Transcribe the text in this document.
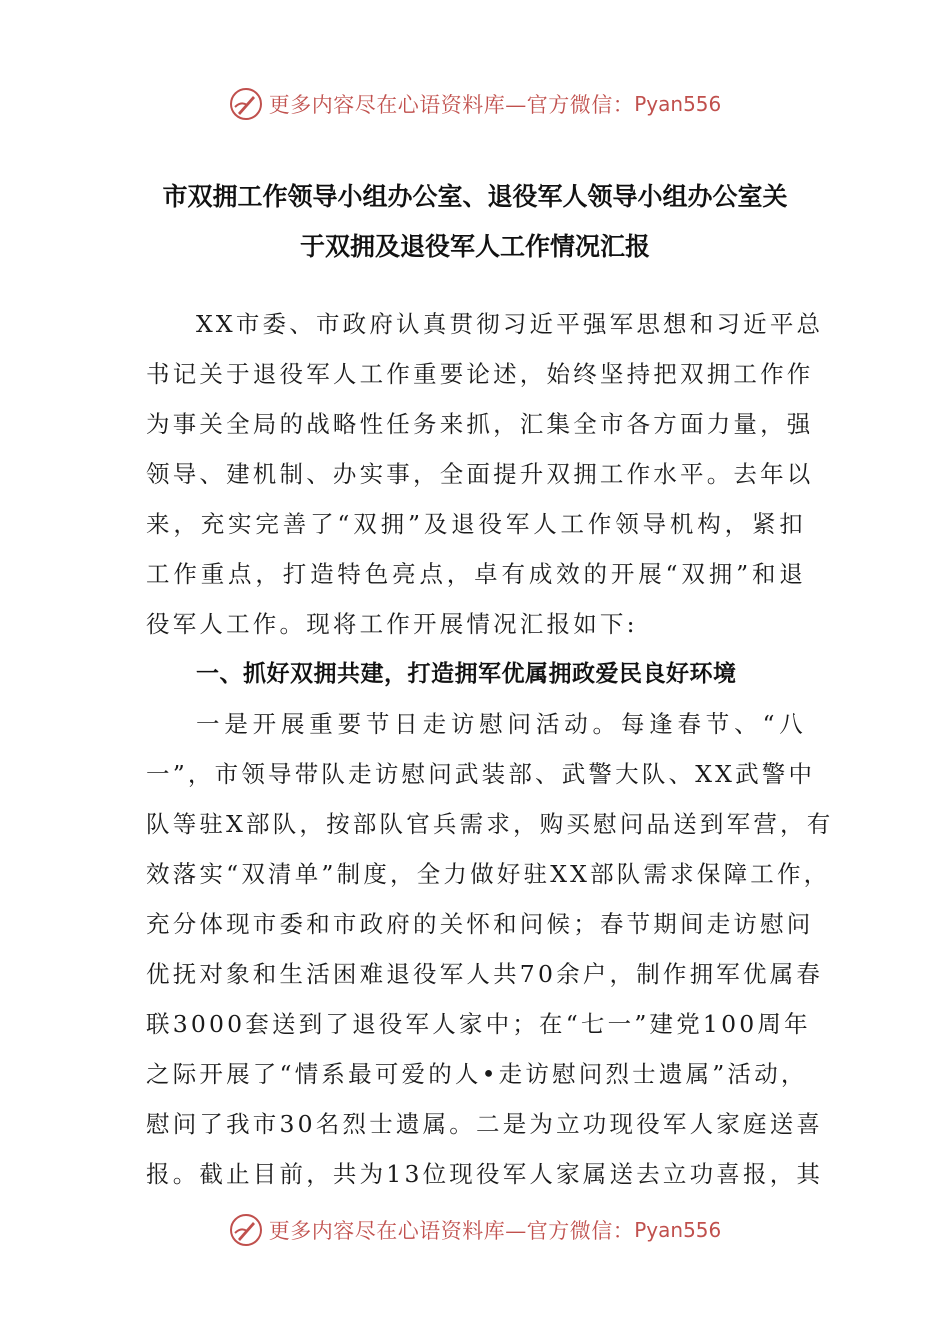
更多内容尽在心语资料库—官方微信： Pyan556
市双拥工作领导小组办公室、退役军人领导小组办公室关
于双拥及退役军人工作情况汇报
XX市委、市政府认真贯彻习近平强军思想和习近平总
书记关于退役军人工作重要论述，始终坚持把双拥工作作
为事关全局的战略性任务来抓，汇集全市各方面力量，强
领导、建机制、办实事，全面提升双拥工作水平。去年以
来，充实完善了“双拥”及退役军人工作领导机构，紧扣
工作重点，打造特色亮点，卓有成效的开展“双拥”和退
役军人工作。现将工作开展情况汇报如下:
一、抓好双拥共建，打造拥军优属拥政爱民良好环境
一是开展重要节日走访慰问活动。每逢春节、“八
一”，市领导带队走访慰问武装部、武警大队、XX武警中
队等驻X部队，按部队官兵需求，购买慰问品送到军营，有
效落实“双清单”制度，全力做好驻XX部队需求保障工作，
充分体现市委和市政府的关怀和问候；春节期间走访慰问
优抚对象和生活困难退役军人共70余户，制作拥军优属春
联3000套送到了退役军人家中；在“七一”建党100周年
之际开展了“情系最可爱的人•走访慰问烈士遗属”活动，
慰问了我市30名烈士遗属。二是为立功现役军人家庭送喜
报。截止目前，共为13位现役军人家属送去立功喜报，其
更多内容尽在心语资料库—官方微信： Pyan556
